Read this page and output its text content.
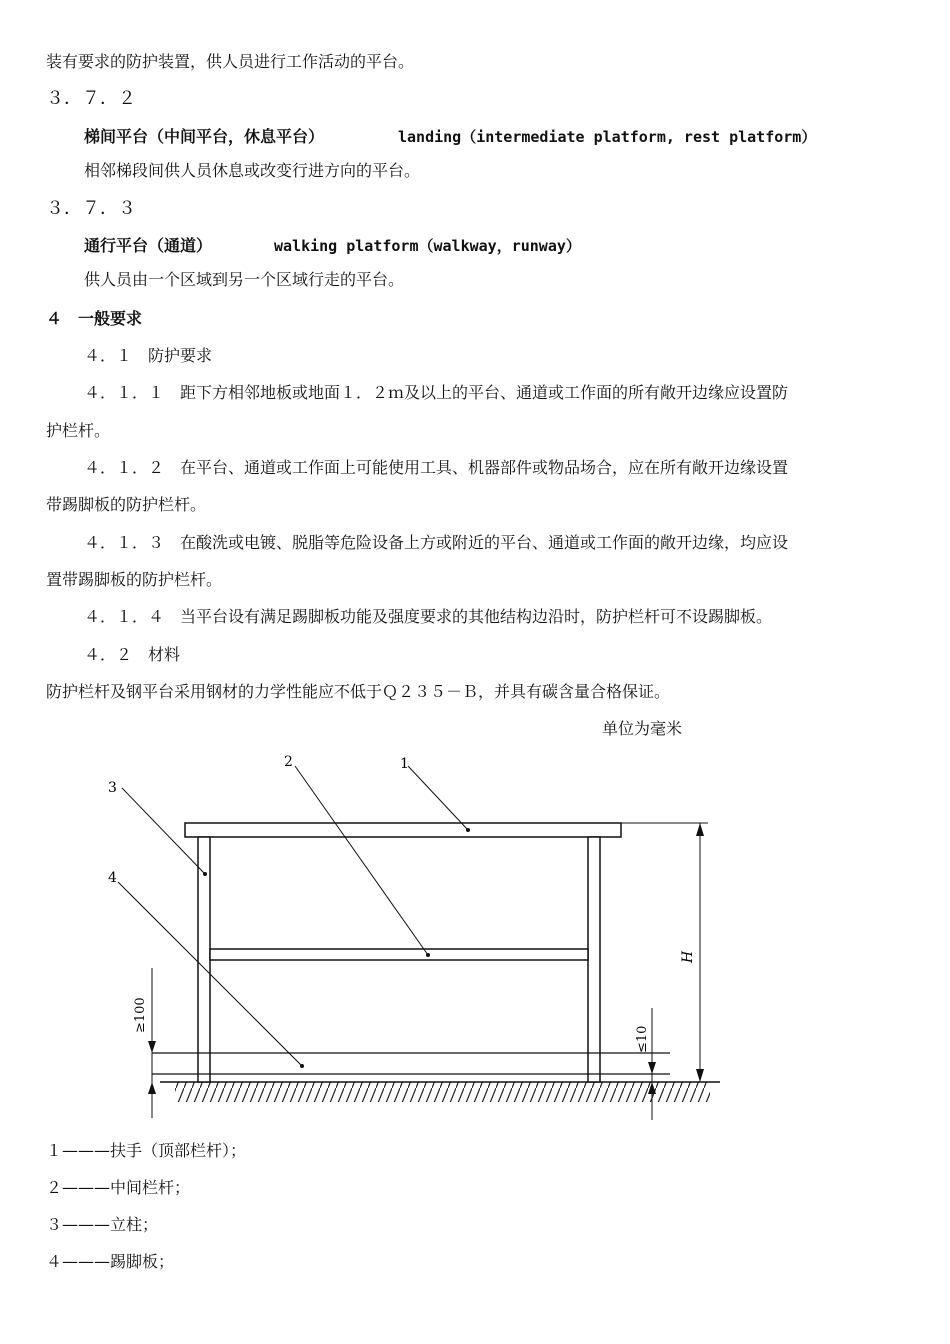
装有要求的防护装置，供人员进行工作活动的平台。
３．７．２
梯间平台（中间平台，休息平台）	landing（intermediate platform, rest platform）
相邻梯段间供人员休息或改变行进方向的平台。
３．７．３
通行平台（通道）	walking platform（walkway，runway）
供人员由一个区域到另一个区域行走的平台。
４　一般要求
４．１　防护要求
４．１．１　距下方相邻地板或地面１．２ｍ及以上的平台、通道或工作面的所有敞开边缘应设置防
护栏杆。
４．１．２　在平台、通道或工作面上可能使用工具、机器部件或物品场合，应在所有敞开边缘设置
带踢脚板的防护栏杆。
４．１．３　在酸洗或电镀、脱脂等危险设备上方或附近的平台、通道或工作面的敞开边缘，均应设
置带踢脚板的防护栏杆。
４．１．４　当平台设有满足踢脚板功能及强度要求的其他结构边沿时，防护栏杆可不设踢脚板。
４．２　材料
防护栏杆及钢平台采用钢材的力学性能应不低于Ｑ２３５－Ｂ，并具有碳含量合格保证。
单位为毫米
1
2
3
4
H
≤10
≥100
１———扶手（顶部栏杆）；
２———中间栏杆；
３———立柱；
４———踢脚板；
